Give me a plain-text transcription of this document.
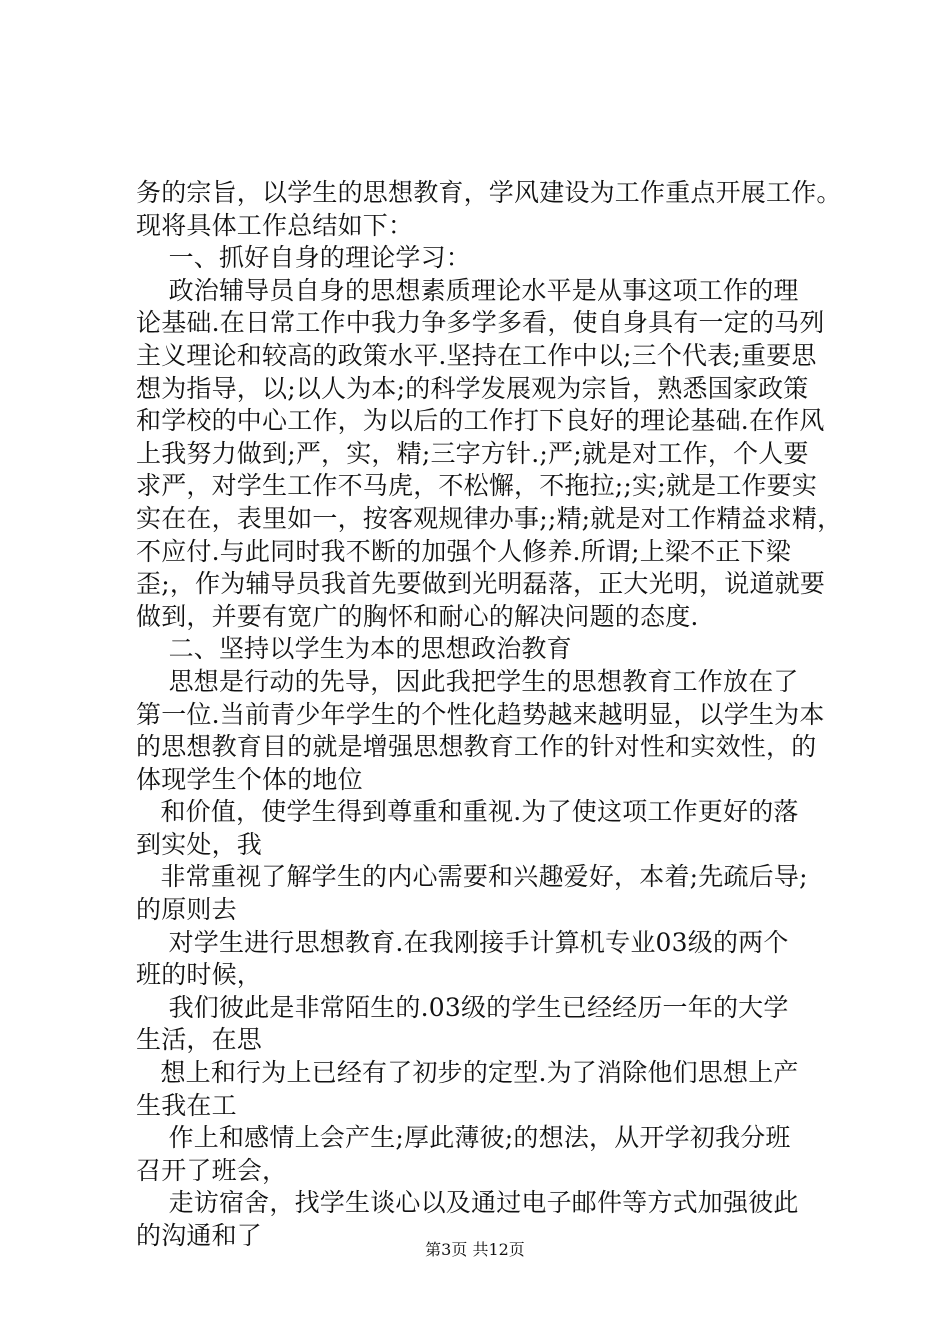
务的宗旨，以学生的思想教育，学风建设为工作重点开展工作。
现将具体工作总结如下：
一、抓好自身的理论学习：
政治辅导员自身的思想素质理论水平是从事这项工作的理
论基础.在日常工作中我力争多学多看，使自身具有一定的马列
主义理论和较高的政策水平.坚持在工作中以;三个代表;重要思
想为指导，以;以人为本;的科学发展观为宗旨，熟悉国家政策
和学校的中心工作，为以后的工作打下良好的理论基础.在作风
上我努力做到;严，实，精;三字方针.;严;就是对工作，个人要
求严，对学生工作不马虎，不松懈，不拖拉;;实;就是工作要实
实在在，表里如一，按客观规律办事;;精;就是对工作精益求精，
不应付.与此同时我不断的加强个人修养.所谓;上梁不正下梁
歪;，作为辅导员我首先要做到光明磊落，正大光明，说道就要
做到，并要有宽广的胸怀和耐心的解决问题的态度.
二、坚持以学生为本的思想政治教育
思想是行动的先导，因此我把学生的思想教育工作放在了
第一位.当前青少年学生的个性化趋势越来越明显，以学生为本
的思想教育目的就是增强思想教育工作的针对性和实效性，的
体现学生个体的地位
和价值，使学生得到尊重和重视.为了使这项工作更好的落
到实处，我
非常重视了解学生的内心需要和兴趣爱好，本着;先疏后导;
的原则去
对学生进行思想教育.在我刚接手计算机专业03级的两个
班的时候，
我们彼此是非常陌生的.03级的学生已经经历一年的大学
生活，在思
想上和行为上已经有了初步的定型.为了消除他们思想上产
生我在工
作上和感情上会产生;厚此薄彼;的想法，从开学初我分班
召开了班会，
走访宿舍，找学生谈心以及通过电子邮件等方式加强彼此
的沟通和了	第3页 共12页
